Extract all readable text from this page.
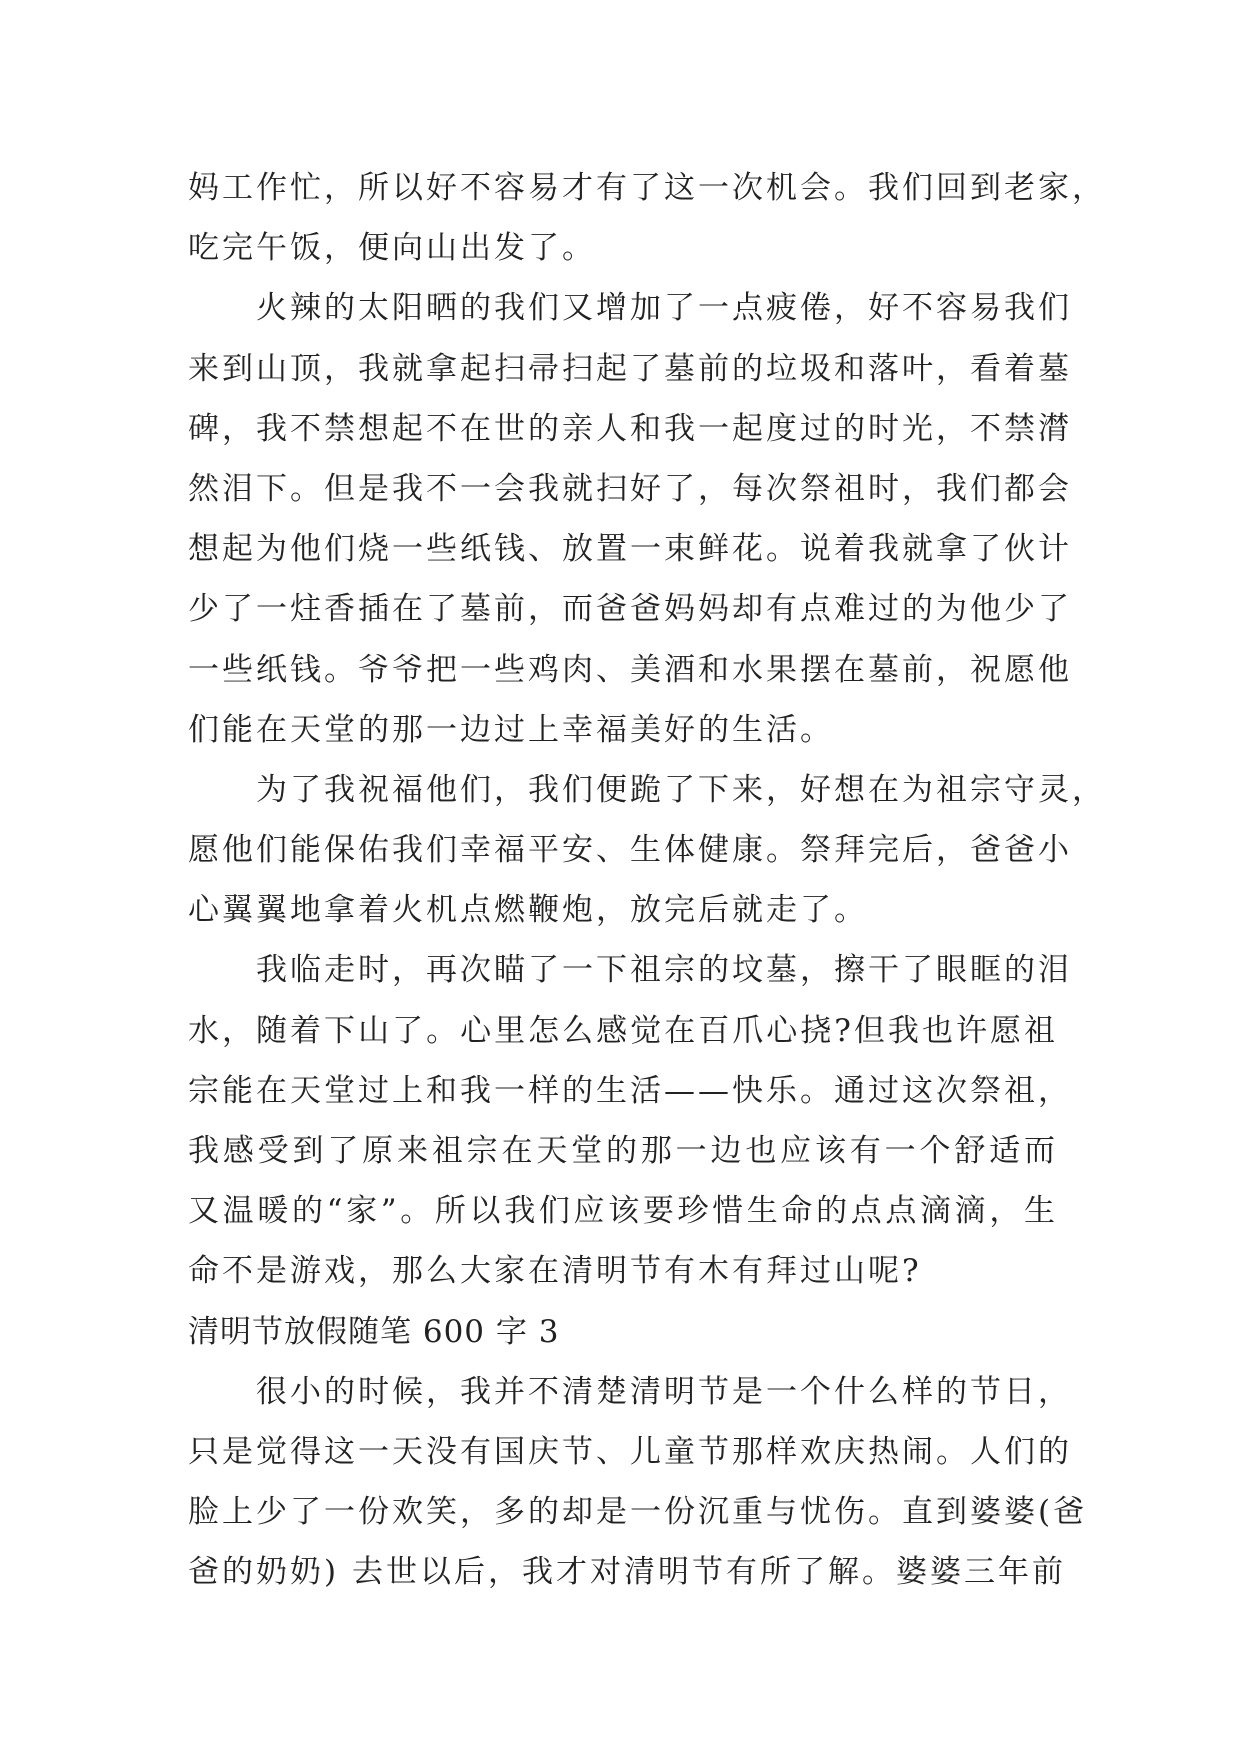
妈工作忙，所以好不容易才有了这一次机会。我们回到老家，
吃完午饭，便向山出发了。
火辣的太阳晒的我们又增加了一点疲倦，好不容易我们
来到山顶，我就拿起扫帚扫起了墓前的垃圾和落叶，看着墓
碑，我不禁想起不在世的亲人和我一起度过的时光，不禁潸
然泪下。但是我不一会我就扫好了，每次祭祖时，我们都会
想起为他们烧一些纸钱、放置一束鲜花。说着我就拿了伙计
少了一炷香插在了墓前，而爸爸妈妈却有点难过的为他少了
一些纸钱。爷爷把一些鸡肉、美酒和水果摆在墓前，祝愿他
们能在天堂的那一边过上幸福美好的生活。
为了我祝福他们，我们便跪了下来，好想在为祖宗守灵，
愿他们能保佑我们幸福平安、生体健康。祭拜完后，爸爸小
心翼翼地拿着火机点燃鞭炮，放完后就走了。
我临走时，再次瞄了一下祖宗的坟墓，擦干了眼眶的泪
水，随着下山了。心里怎么感觉在百爪心挠?但我也许愿祖
宗能在天堂过上和我一样的生活——快乐。通过这次祭祖，
我感受到了原来祖宗在天堂的那一边也应该有一个舒适而
又温暖的“家”。所以我们应该要珍惜生命的点点滴滴，生
命不是游戏，那么大家在清明节有木有拜过山呢?
清明节放假随笔 600 字 3
很小的时候，我并不清楚清明节是一个什么样的节日，
只是觉得这一天没有国庆节、儿童节那样欢庆热闹。人们的
脸上少了一份欢笑，多的却是一份沉重与忧伤。直到婆婆(爸
爸的奶奶) 去世以后，我才对清明节有所了解。婆婆三年前
